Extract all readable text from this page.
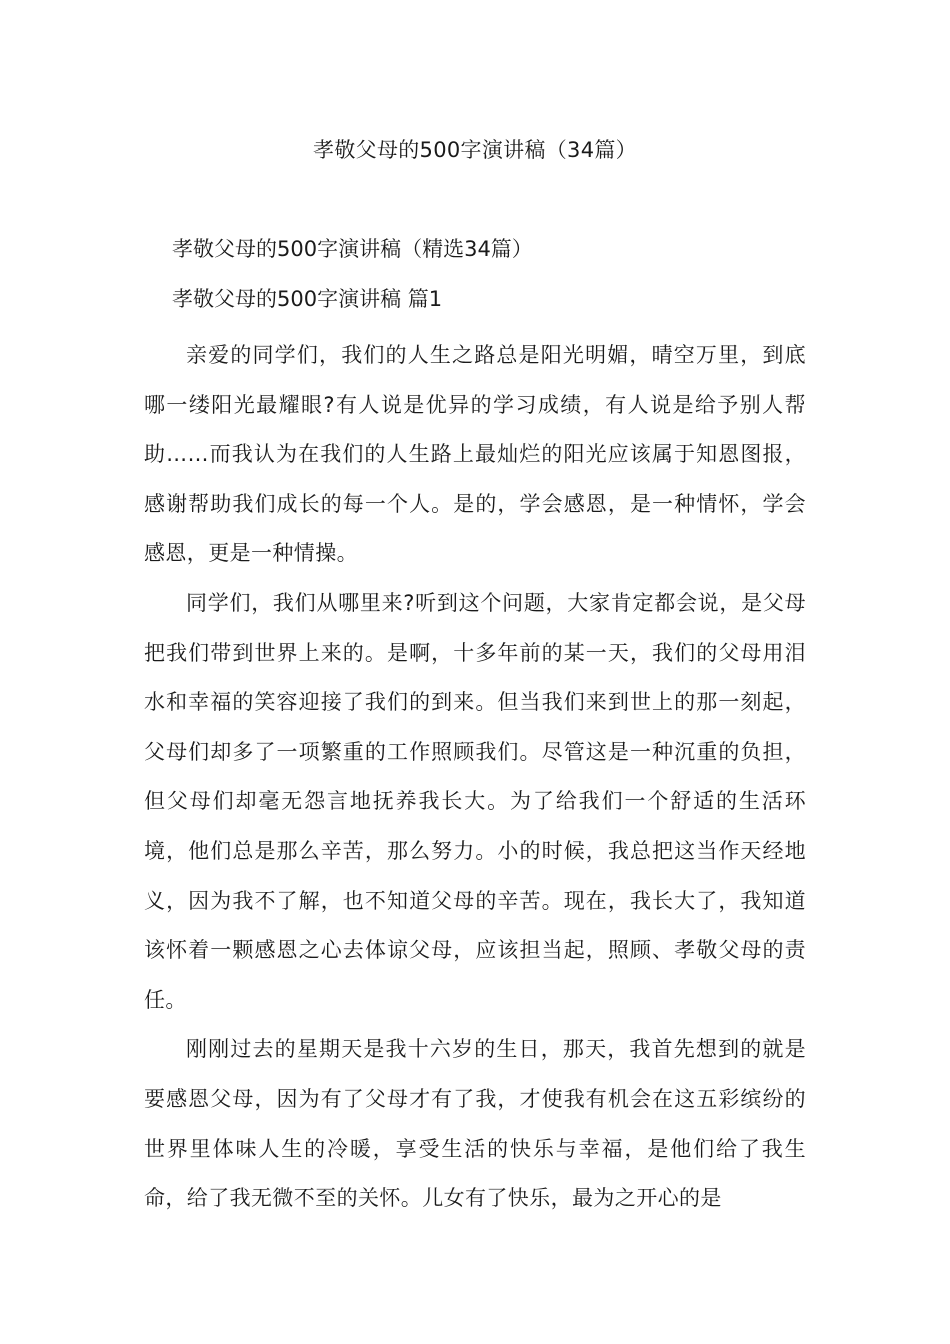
孝敬父母的500字演讲稿（34篇）
孝敬父母的500字演讲稿（精选34篇）
孝敬父母的500字演讲稿 篇1

亲爱的同学们，我们的人生之路总是阳光明媚，晴空万里，到底哪一缕阳光最耀眼?有人说是优异的学习成绩，有人说是给予别人帮助……而我认为在我们的人生路上最灿烂的阳光应该属于知恩图报，感谢帮助我们成长的每一个人。是的，学会感恩，是一种情怀，学会感恩，更是一种情操。

同学们，我们从哪里来?听到这个问题，大家肯定都会说，是父母把我们带到世界上来的。是啊，十多年前的某一天，我们的父母用泪水和幸福的笑容迎接了我们的到来。但当我们来到世上的那一刻起，父母们却多了一项繁重的工作照顾我们。尽管这是一种沉重的负担，但父母们却毫无怨言地抚养我长大。为了给我们一个舒适的生活环境，他们总是那么辛苦，那么努力。小的时候，我总把这当作天经地义，因为我不了解，也不知道父母的辛苦。现在，我长大了，我知道该怀着一颗感恩之心去体谅父母，应该担当起，照顾、孝敬父母的责任。

刚刚过去的星期天是我十六岁的生日，那天，我首先想到的就是要感恩父母，因为有了父母才有了我，才使我有机会在这五彩缤纷的世界里体味人生的冷暖，享受生活的快乐与幸福，是他们给了我生命，给了我无微不至的关怀。儿女有了快乐，最为之开心的是
